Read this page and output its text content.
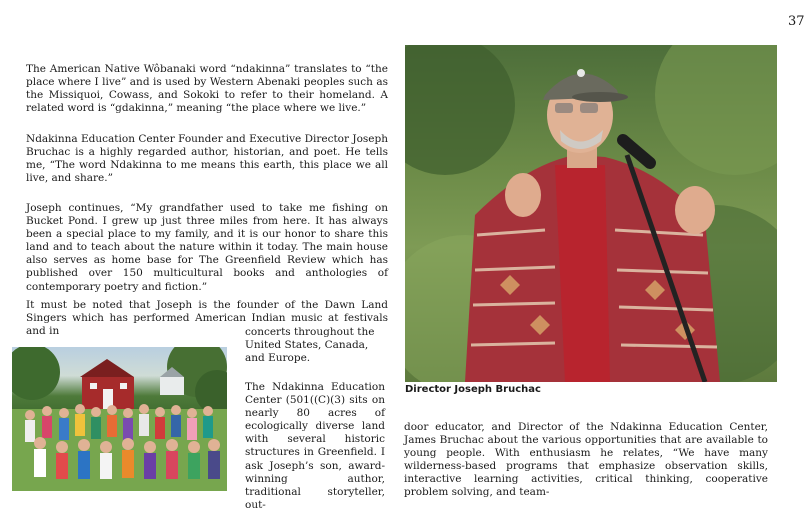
37

The American Native Wôbanaki word “ndakinna” translates to “the place where I live” and is used by Western Abenaki peoples such as the Missiquoi, Cowass, and Sokoki to refer to their homeland. A related word is “gdakinna,” meaning “the place where we live.”

Ndakinna Education Center Founder and Executive Director Joseph Bruchac is a highly regarded author, historian, and poet. He tells me, “The word Ndakinna to me means this earth, this place we all live, and share.”

Joseph continues, “My grandfather used to take me fishing on Bucket Pond. I grew up just three miles from here. It has always been a special place to my family, and it is our honor to share this land and to teach about the nature within it today. The main house also serves as home base for The Greenfield Review which has published over 150 multicultural books and anthologies of contemporary poetry and fiction.”

It must be noted that Joseph is the founder of the Dawn Land Singers which has performed American Indian music at festivals and in	concerts throughout the United States, Canada, and Europe.

The Ndakinna Education Center (501((C)(3) sits on nearly 80 acres of ecologically diverse land with several historic structures in Greenfield. I ask Joseph’s son, award-winning author, traditional storyteller, out-

door educator, and Director of the Ndakinna Education Center, James Bruchac about the various opportunities that are available to young people. With enthusiasm he relates, “We have many wilderness-based programs that emphasize observation skills, interactive learning activities, critical thinking, cooperative problem solving, and team-

Director Joseph Bruchac
